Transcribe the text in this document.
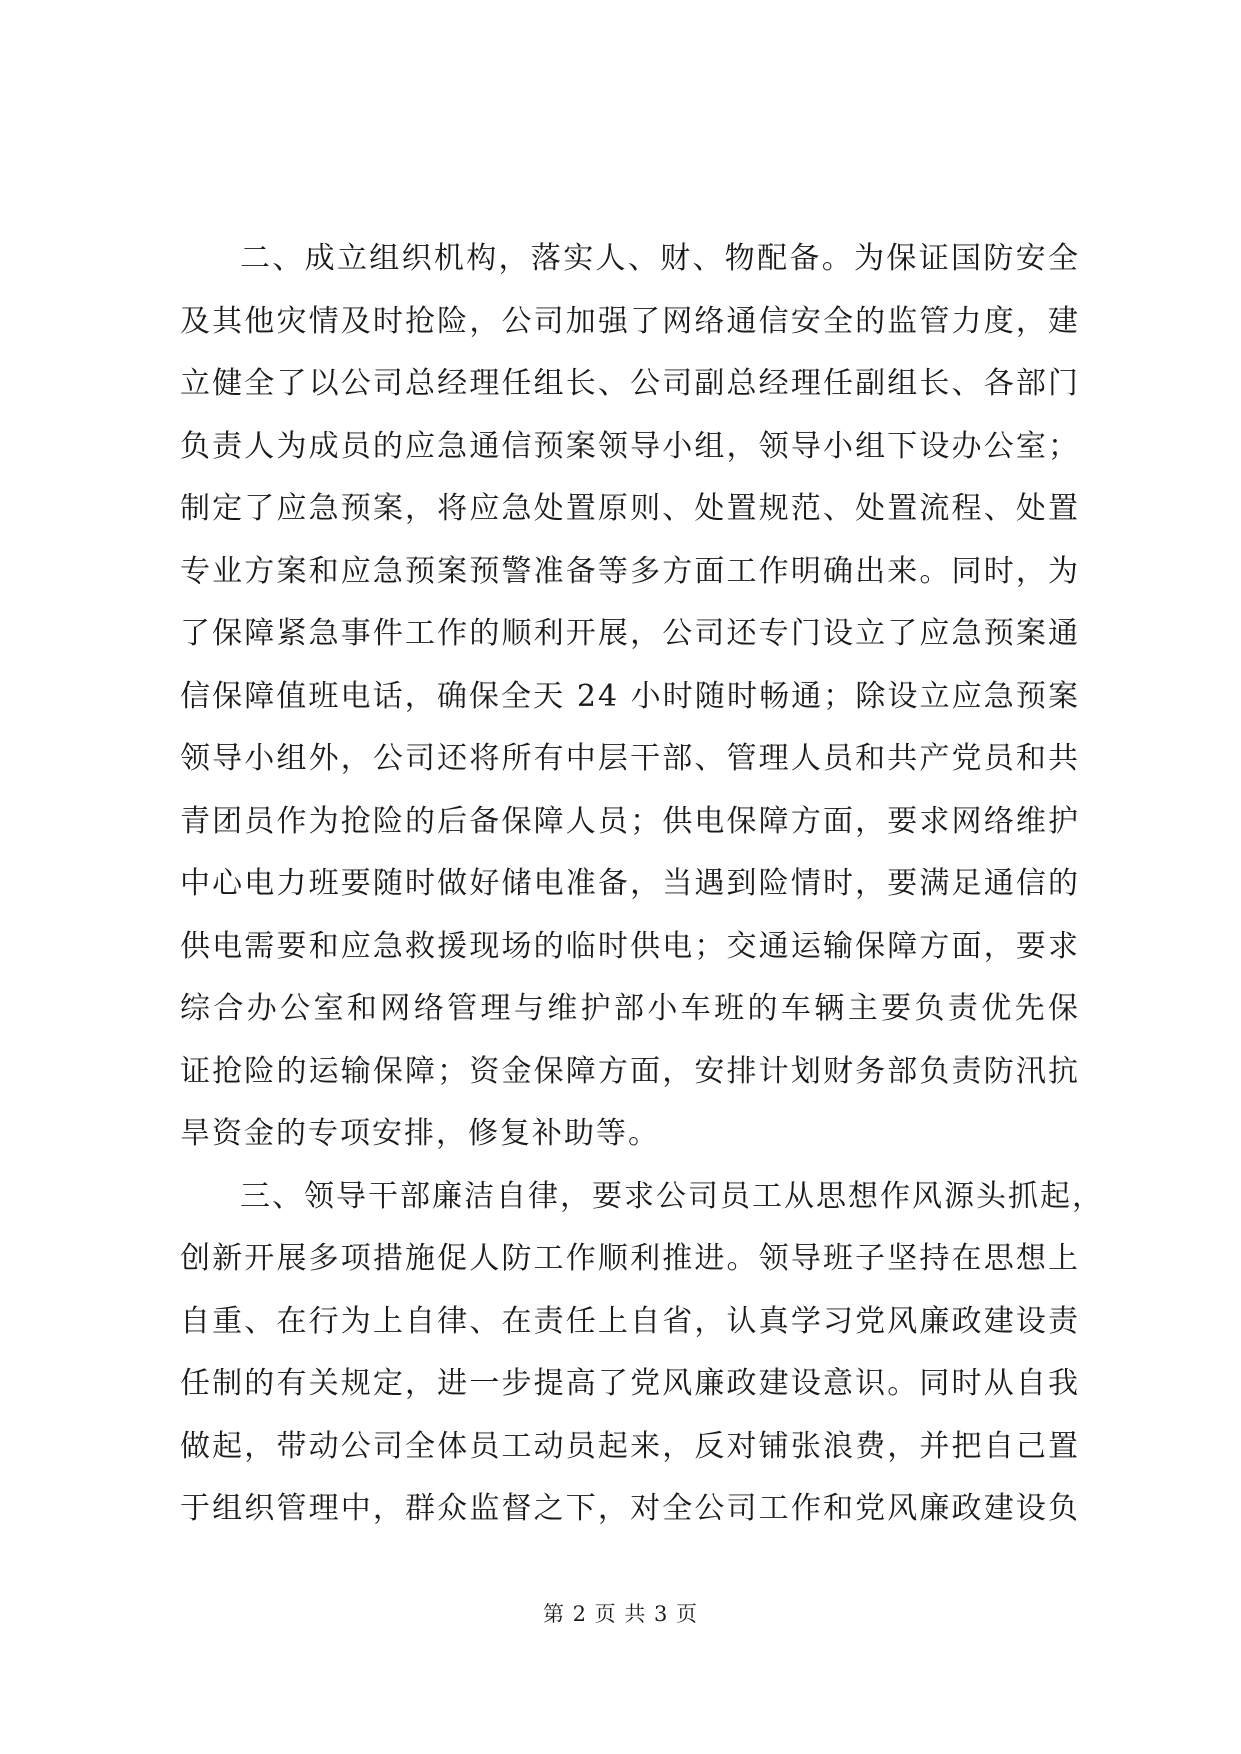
二、成立组织机构，落实人、财、物配备。为保证国防安全
及其他灾情及时抢险，公司加强了网络通信安全的监管力度，建
立健全了以公司总经理任组长、公司副总经理任副组长、各部门
负责人为成员的应急通信预案领导小组，领导小组下设办公室；
制定了应急预案，将应急处置原则、处置规范、处置流程、处置
专业方案和应急预案预警准备等多方面工作明确出来。同时，为
了保障紧急事件工作的顺利开展，公司还专门设立了应急预案通
信保障值班电话，确保全天 24 小时随时畅通；除设立应急预案
领导小组外，公司还将所有中层干部、管理人员和共产党员和共
青团员作为抢险的后备保障人员；供电保障方面，要求网络维护
中心电力班要随时做好储电准备，当遇到险情时，要满足通信的
供电需要和应急救援现场的临时供电；交通运输保障方面，要求
综合办公室和网络管理与维护部小车班的车辆主要负责优先保
证抢险的运输保障；资金保障方面，安排计划财务部负责防汛抗
旱资金的专项安排，修复补助等。
三、领导干部廉洁自律，要求公司员工从思想作风源头抓起，
创新开展多项措施促人防工作顺利推进。领导班子坚持在思想上
自重、在行为上自律、在责任上自省，认真学习党风廉政建设责
任制的有关规定，进一步提高了党风廉政建设意识。同时从自我
做起，带动公司全体员工动员起来，反对铺张浪费，并把自己置
于组织管理中，群众监督之下，对全公司工作和党风廉政建设负
第 2 页 共 3 页
